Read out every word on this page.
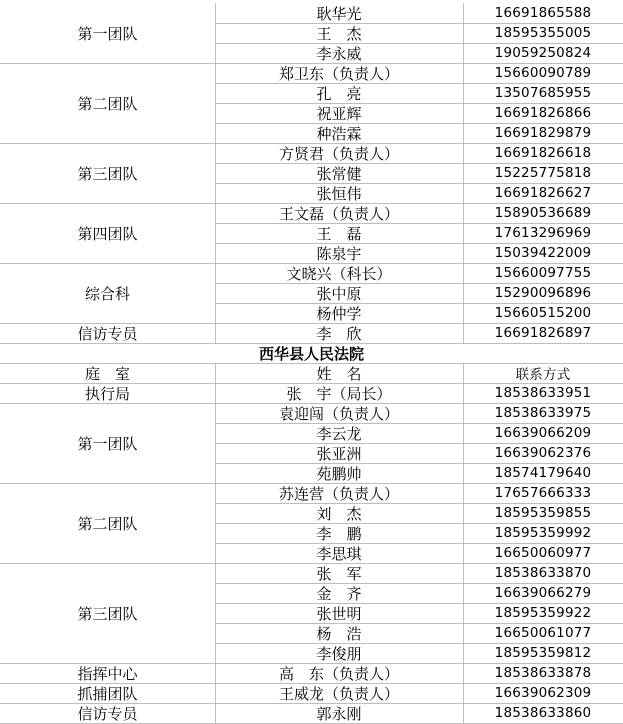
第一团队
耿华光	16691865588
王　杰	18595355005
李永威	19059250824
第二团队
郑卫东（负责人）	15660090789
孔　亮	13507685955
祝亚辉	16691826866
种浩霖	16691829879
第三团队
方贤君（负责人）	16691826618
张常健	15225775818
张恒伟	16691826627
第四团队
王文磊（负责人）	15890536689
王　磊	17613296969
陈泉宇	15039422009
综合科
文晓兴（科长）	15660097755
张中原	15290096896
杨仲学	15660515200
信访专员	李　欣	16691826897
西华县人民法院
庭　室	姓　名	联系方式
执行局	张　宇（局长）	18538633951
第一团队
袁迎闯（负责人）	18538633975
李云龙	16639066209
张亚洲	16639062376
苑鹏帅	18574179640
第二团队
苏连营（负责人）	17657666333
刘　杰	18595359855
李　鹏	18595359992
李思琪	16650060977
第三团队
张　军	18538633870
金　齐	16639066279
张世明	18595359922
杨　浩	16650061077
李俊朋	18595359812
指挥中心	高　东（负责人）	18538633878
抓捕团队	王威龙（负责人）	16639062309
信访专员	郭永刚	18538633860
